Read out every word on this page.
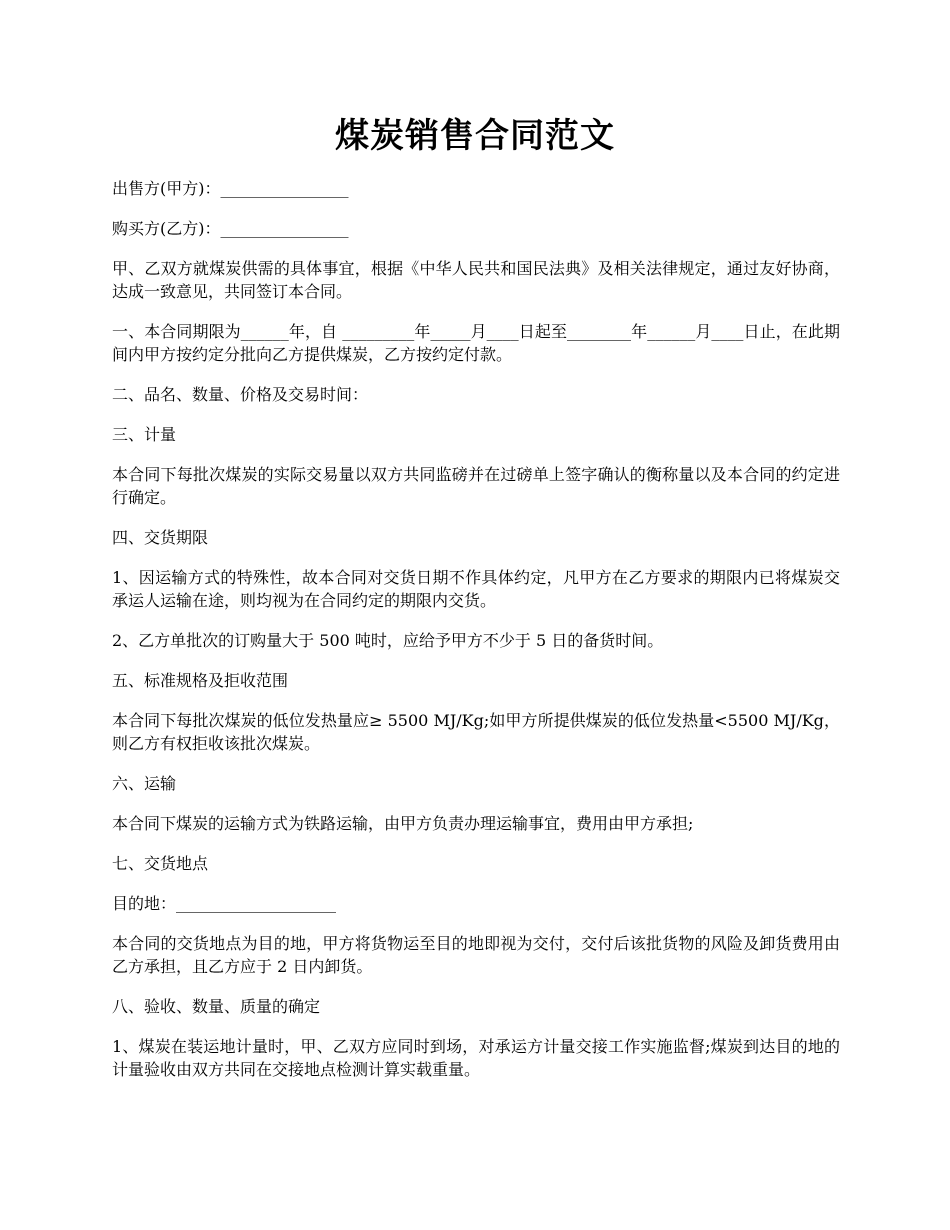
煤炭销售合同范文

出售方(甲方)：________________

购买方(乙方)：________________

甲、乙双方就煤炭供需的具体事宜，根据《中华人民共和国民法典》及相关法律规定，通过友好协商，达成一致意见，共同签订本合同。

一、本合同期限为______年，自 _________年_____月____日起至________年______月____日止，在此期间内甲方按约定分批向乙方提供煤炭，乙方按约定付款。

二、品名、数量、价格及交易时间：

三、计量

本合同下每批次煤炭的实际交易量以双方共同监磅并在过磅单上签字确认的衡称量以及本合同的约定进行确定。

四、交货期限

1、因运输方式的特殊性，故本合同对交货日期不作具体约定，凡甲方在乙方要求的期限内已将煤炭交承运人运输在途，则均视为在合同约定的期限内交货。

2、乙方单批次的订购量大于 500 吨时，应给予甲方不少于 5 日的备货时间。

五、标准规格及拒收范围

本合同下每批次煤炭的低位发热量应≥ 5500 MJ/Kg;如甲方所提供煤炭的低位发热量<5500 MJ/Kg，则乙方有权拒收该批次煤炭。

六、运输

本合同下煤炭的运输方式为铁路运输，由甲方负责办理运输事宜，费用由甲方承担;

七、交货地点

目的地：____________________

本合同的交货地点为目的地，甲方将货物运至目的地即视为交付，交付后该批货物的风险及卸货费用由乙方承担，且乙方应于 2 日内卸货。

八、验收、数量、质量的确定

1、煤炭在装运地计量时，甲、乙双方应同时到场，对承运方计量交接工作实施监督;煤炭到达目的地的计量验收由双方共同在交接地点检测计算实载重量。
